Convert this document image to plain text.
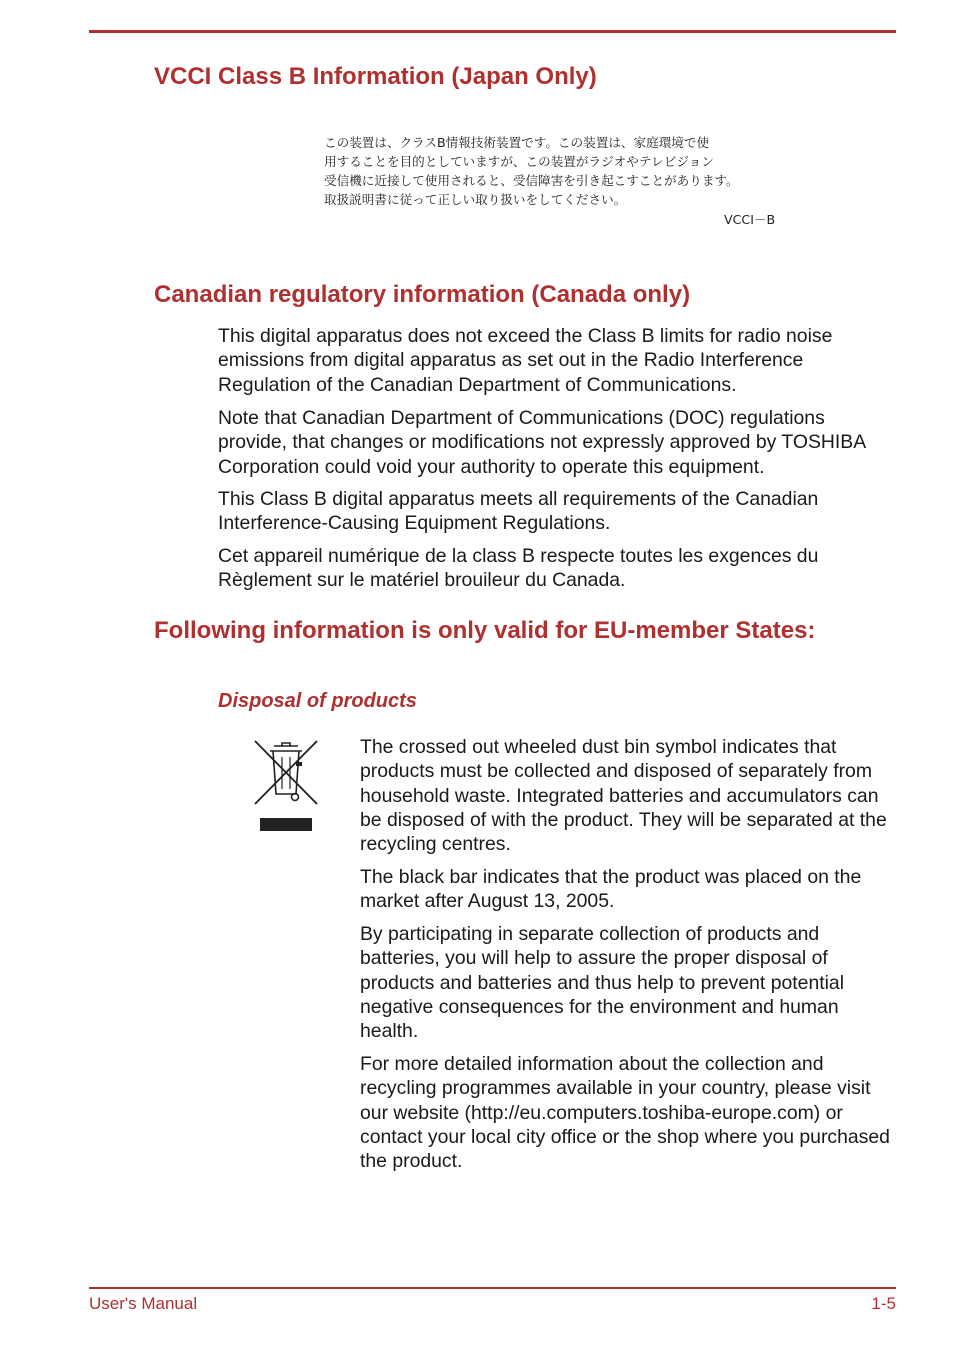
VCCI Class B Information (Japan Only)
この装置は、クラスB情報技術装置です。この装置は、家庭環境で使
用することを目的としていますが、この装置がラジオやテレビジョン
受信機に近接して使用されると、受信障害を引き起こすことがあります。
取扱説明書に従って正しい取り扱いをしてください。
VCCI－B
Canadian regulatory information (Canada only)

This digital apparatus does not exceed the Class B limits for radio noise emissions from digital apparatus as set out in the Radio Interference Regulation of the Canadian Department of Communications.

Note that Canadian Department of Communications (DOC) regulations provide, that changes or modifications not expressly approved by TOSHIBA Corporation could void your authority to operate this equipment.

This Class B digital apparatus meets all requirements of the Canadian Interference-Causing Equipment Regulations.

Cet appareil numérique de la class B respecte toutes les exgences du Règlement sur le matériel brouileur du Canada.

Following information is only valid for EU-member States:
Disposal of products

The crossed out wheeled dust bin symbol indicates that products must be collected and disposed of separately from household waste. Integrated batteries and accumulators can be disposed of with the product. They will be separated at the recycling centres.

The black bar indicates that the product was placed on the market after August 13, 2005.

By participating in separate collection of products and batteries, you will help to assure the proper disposal of products and batteries and thus help to prevent potential negative consequences for the environment and human health.

For more detailed information about the collection and recycling programmes available in your country, please visit our website (http://eu.computers.toshiba-europe.com) or contact your local city office or the shop where you purchased the product.

User's Manual	1-5
